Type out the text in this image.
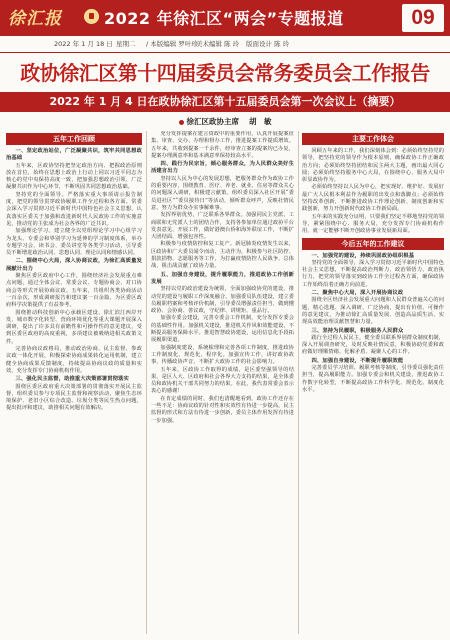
徐汇报	2022 年徐汇区“两会”专题报道	09
2022 年 1 月 18 日 星期二 / 本版编辑 罗叶珍
美术编辑 陈 玲 版面设计 陈 玲
政协徐汇区第十四届委员会常务委员会工作报告
2022 年 1 月 4 日在政协徐汇区第十五届委员会第一次会议上（摘要）
徐汇区政协主席 胡　敏
五年工作回顾

一、坚定政治站位，广泛凝聚共识，筑牢共同思想政治基础

五年来，区政协坚持把坚定政治方向、把握政治原则放在首位，始终在思想上政治上行动上同以习近平同志为核心的党中央保持高度一致，把加强思想政治引领、广泛凝聚共识作为中心环节，不断巩固共同思想政治基础。

坚持党的全面领导。严格落实重大事项请示报告制度，把党的领导贯穿政协履职工作全过程和各方面。常委会深入学习贯彻习近平新时代中国特色社会主义思想，认真落实区委关于加强和改进新时代人民政协工作的实施意见，推动党的主张成为社会各界的广泛共识。

加强理论学习。建立健全以党组理论学习中心组学习为龙头、专委会和界别学习为延伸的学习制度体系，举办专题学习会、读书会、委员讲堂等各类学习活动，引导委员不断增进政治认同、思想认同、理论认同和情感认同。

二、围绕中心大局，深入协商议政，为徐汇高质量发展献计出力

聚焦区委区政府中心工作，围绕经济社会发展重点难点问题，通过全体会议、常委会议、专题协商会、对口协商会等形式开展协商议政。五年来，共组织各类协商活动一百余次，形成调研报告和建议案一百余篇，为区委区政府科学决策提供了有益参考。

围绕推动科技创新中心承载区建设、徐汇滨江西岸开发、城市数字化转型、营商环境优化等重大课题开展深入调研，提出了许多具有前瞻性和可操作性的意见建议，受到区委区政府的高度重视，多项建议被吸纳进相关政策文件。

完善协商议政格局，推动政治协商、民主监督、参政议政一体化开展，积极探索协商成果转化运用机制，建立健全协商成果反馈制度，持续提高协商议政的质量和实效，充分发挥专门协商机构作用。

三、强化民主监督，助推重大决策部署贯彻落实

围绕区委区政府重大决策部署的贯彻落实开展民主监督，组织委员参与专项民主监督和视察活动，聚焦生态环境保护、老旧小区综合改造、垃圾分类等民生热点问题，提出批评和建议，助推相关问题有效解决。

充分发挥提案在建言资政中的重要作用，认真开展提案征集、审查、交办、办理和督办工作，推进提案工作提质增效。五年来，共收到提案一千余件，经审查立案的提案均已办复，提案办理满意率和基本满意率保持较高水平。

四、践行为民宗旨，倾心服务群众，为人民群众美好生活建言出力

坚持以人民为中心的发展思想，把服务群众作为政协工作的重要内容，围绕教育、医疗、养老、就业、住房等群众关心的问题深入调研，积极建言献策。组织委员深入社区开展“委员进社区”“委员接待日”等活动，倾听群众呼声，反映社情民意，努力为群众办实事解难事。

发挥界别优势，广泛联系各界群众。加强同民主党派、工商联和无党派人士的团结合作，支持各参加单位通过政协平台发表意见、开展工作，做好港澳台侨和海外联谊工作，不断扩大团结面、增强包容性。

积极参与疫情防控和复工复产。新冠肺炎疫情发生以来，区政协和广大委员闻令而动、主动作为，积极参与社区防控、捐款捐物、志愿服务等工作，为打赢疫情防控人民战争、总体战、阻击战贡献了政协力量。

五、加强自身建设，提升履职能力，推进政协工作创新发展

坚持以党的政治建设为统领，全面加强政协党的建设，推动党的建设与履职工作深度融合。加强委员队伍建设，建立委员履职档案和考核评价机制，引导委员增强责任担当，做到懂政协、会协商、善议政，守纪律、讲规矩、重品行。

加强专委会建设，完善专委会工作机制，充分发挥专委会的基础性作用。加强机关建设，推进机关作风和效能建设，不断提高服务保障水平。推进智慧政协建设，运用信息化手段拓展履职渠道。

加强制度建设，系统梳理和完善各项工作制度，推进政协工作制度化、规范化、程序化。加强宣传工作，讲好政协故事，传播政协声音，不断扩大政协工作的社会影响力。

五年来，区政协工作取得的成绩，是区委坚强领导的结果，是区人大、区政府和社会各界大力支持的结果，是全体委员和政协机关干部共同努力的结果。在此，我代表常委会表示衷心的感谢！

在肯定成绩的同时，我们也清醒地看到，政协工作还存在一些不足：协商议政的针对性和实效性有待进一步提高，民主监督的形式和方法有待进一步创新，委员主体作用发挥有待进一步加强。

主要工作体会

回顾五年来的工作，我们深刻体会到：必须始终坚持党的领导，把坚持党的领导作为根本原则，确保政协工作正确政治方向；必须始终坚持团结和民主两大主题，画出最大同心圆；必须始终坚持服务中心大局，在围绕中心、服务大局中彰显政协作为。

必须始终坚持以人民为中心，把实现好、维护好、发展好最广大人民根本利益作为履职的出发点和落脚点；必须始终坚持改革创新，不断推进政协工作理论创新、制度创新和实践创新，努力开创新时代政协工作新局面。

五年来的实践充分证明，只要我们坚定不移地坚持党的领导，紧紧围绕中心、服务大局，充分发挥专门协商机构作用，就一定能够不断开创政协事业发展新局面。

今后五年的工作建议

一、加强党的建设，持续巩固政协组织根基

坚持党的全面领导，深入学习贯彻习近平新时代中国特色社会主义思想，不断提高政治判断力、政治领悟力、政治执行力，把党的领导落实到政协工作全过程各方面，确保政协工作始终沿着正确方向前进。

二、聚焦中心大局，深入开展协商议政

围绕全区经济社会发展重大问题和人民群众普遍关心的问题，精心选题、深入调研、广泛协商，提出有价值、可操作的意见建议，为推动徐汇高质量发展、创造高品质生活、实现高效能治理贡献智慧和力量。

三、坚持为民履职，积极服务人民群众

践行全过程人民民主，健全委员联系界别群众制度机制，深入开展调查研究，及时反映社情民意，积极协助党委和政府做好理顺情绪、化解矛盾、凝聚人心的工作。

四、加强自身建设，不断提升履职效能

完善委员学习培训、履职考核等制度，引导委员强化责任担当，提高履职能力。加强专委会和机关建设，推进政协工作数字化转型，不断提高政协工作科学化、规范化、制度化水平。
